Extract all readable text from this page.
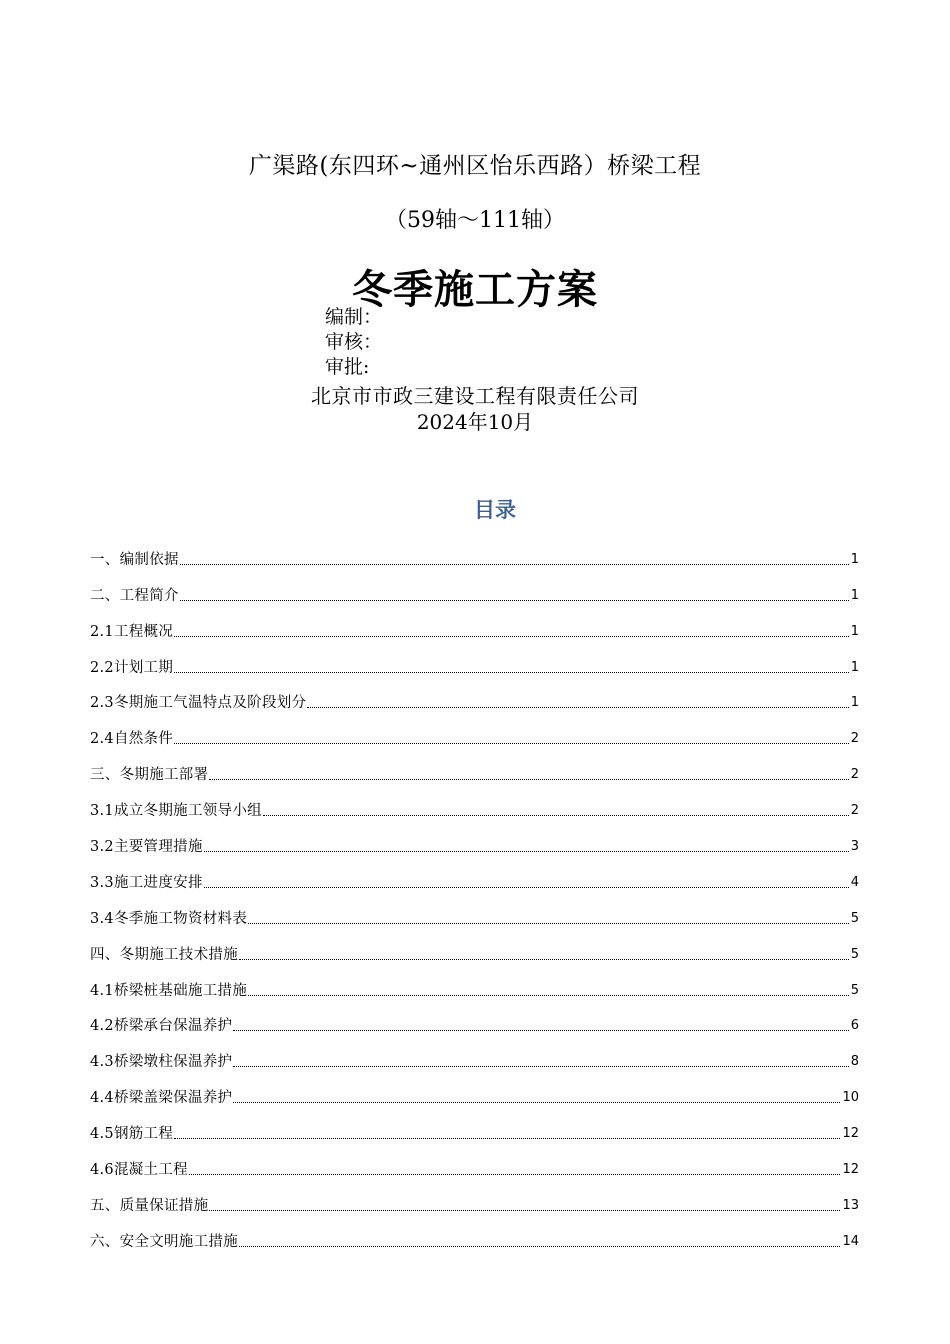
广渠路(东四环~通州区怡乐西路）桥梁工程
（59轴～111轴）
冬季施工方案
编制：
审核：
审批:
北京市市政三建设工程有限责任公司
2024年10月
目录
一、编制依据	1
二、工程简介	1
2.1工程概况	1
2.2计划工期	1
2.3冬期施工气温特点及阶段划分	1
2.4自然条件	2
三、冬期施工部署	2
3.1成立冬期施工领导小组	2
3.2主要管理措施	3
3.3施工进度安排	4
3.4冬季施工物资材料表	5
四、冬期施工技术措施	5
4.1桥梁桩基础施工措施	5
4.2桥梁承台保温养护	6
4.3桥梁墩柱保温养护	8
4.4桥梁盖梁保温养护	10
4.5钢筋工程	12
4.6混凝土工程	12
五、质量保证措施	13
六、安全文明施工措施	14
